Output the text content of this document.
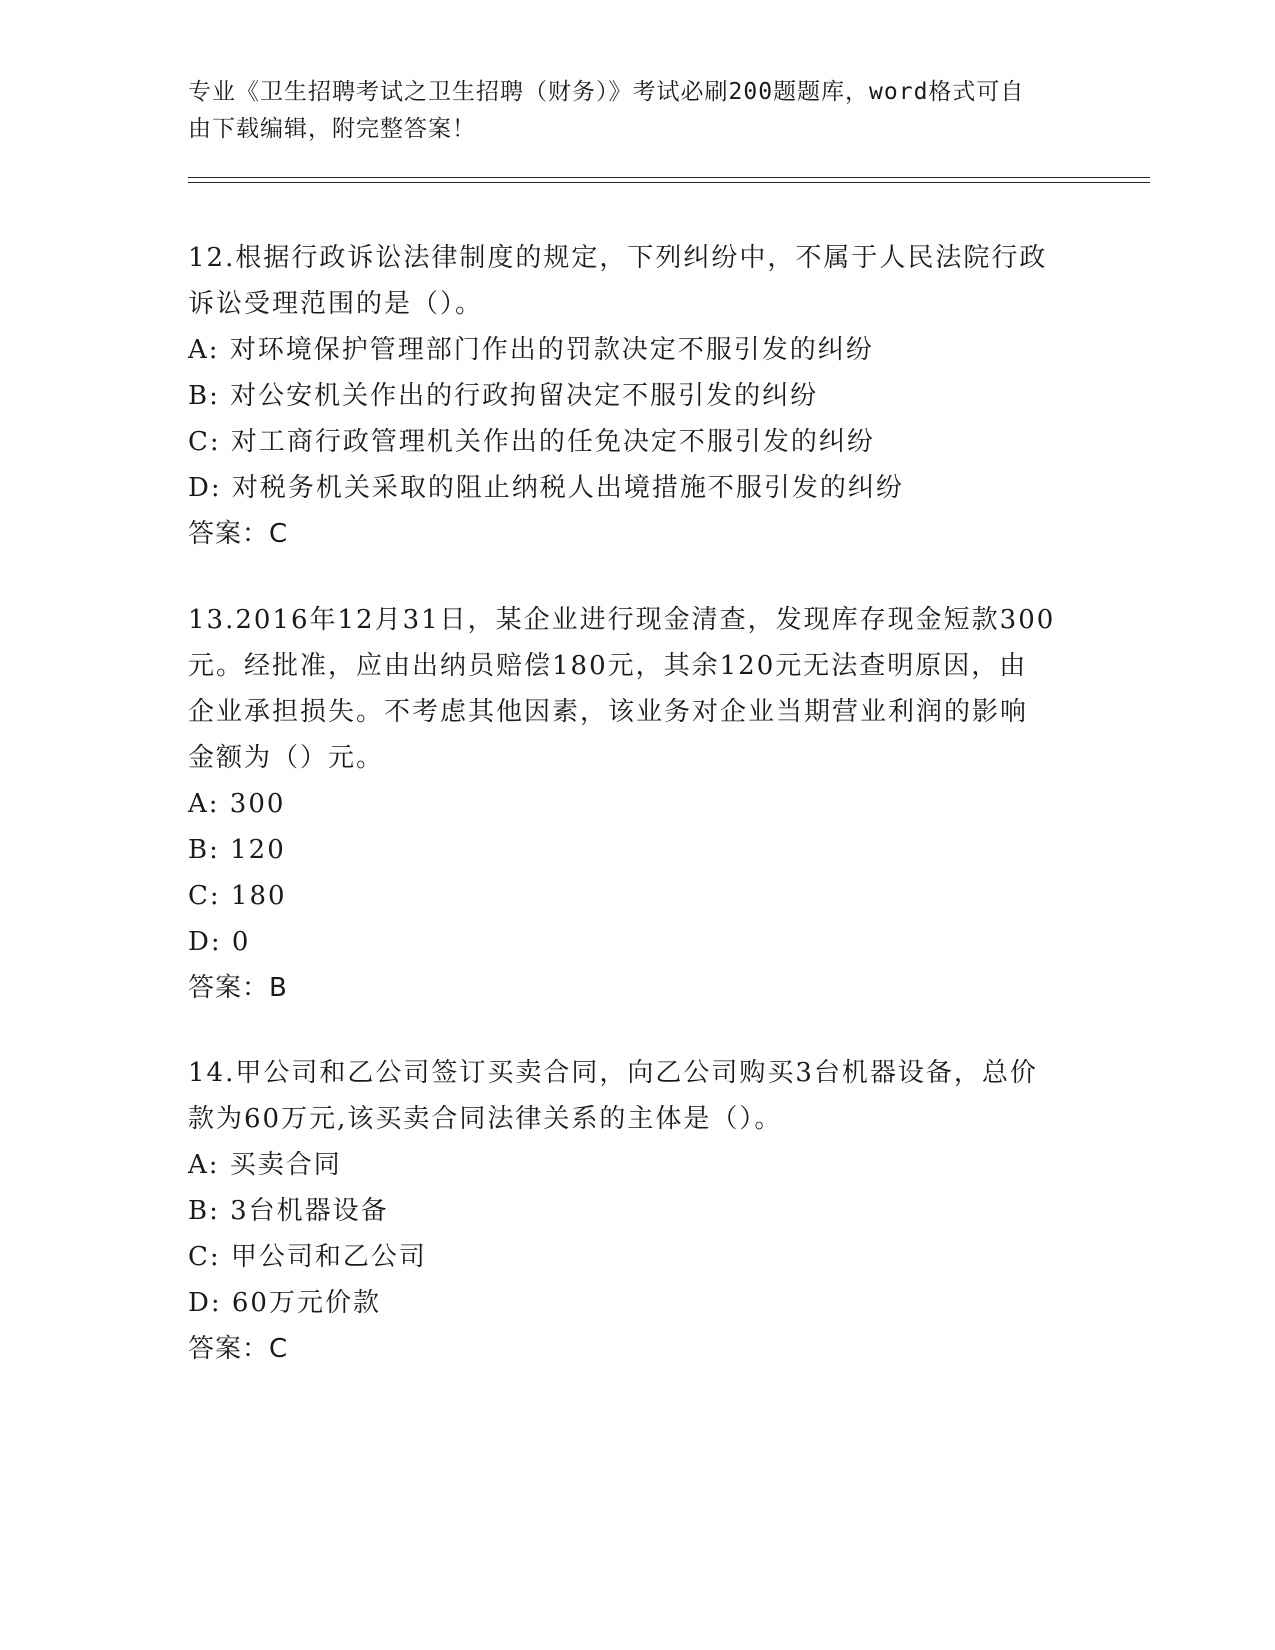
专业《卫生招聘考试之卫生招聘（财务）》考试必刷200题题库，word格式可自
由下载编辑，附完整答案！
12.根据行政诉讼法律制度的规定，下列纠纷中，不属于人民法院行政
诉讼受理范围的是（）。
A: 对环境保护管理部门作出的罚款决定不服引发的纠纷
B: 对公安机关作出的行政拘留决定不服引发的纠纷
C: 对工商行政管理机关作出的任免决定不服引发的纠纷
D: 对税务机关采取的阻止纳税人出境措施不服引发的纠纷
答案：C
13.2016年12月31日，某企业进行现金清查，发现库存现金短款300
元。经批准，应由出纳员赔偿180元，其余120元无法查明原因，由
企业承担损失。不考虑其他因素，该业务对企业当期营业利润的影响
金额为（）元。
A: 300
B: 120
C: 180
D: 0
答案：B
14.甲公司和乙公司签订买卖合同，向乙公司购买3台机器设备，总价
款为60万元,该买卖合同法律关系的主体是（）。
A: 买卖合同
B: 3台机器设备
C: 甲公司和乙公司
D: 60万元价款
答案：C
